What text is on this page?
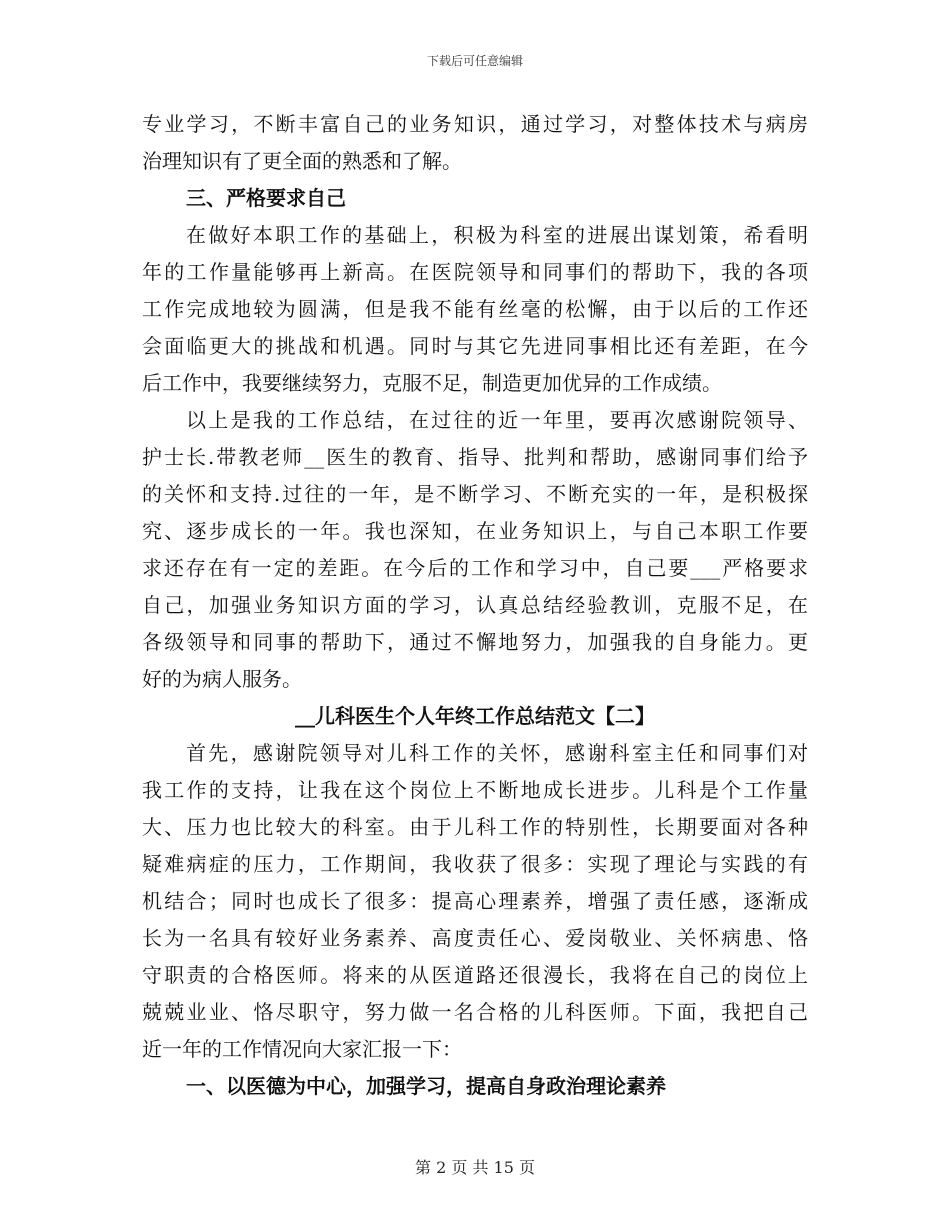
下载后可任意编辑
专业学习，不断丰富自己的业务知识，通过学习，对整体技术与病房
治理知识有了更全面的熟悉和了解。
三、严格要求自己
在做好本职工作的基础上，积极为科室的进展出谋划策，希看明
年的工作量能够再上新高。在医院领导和同事们的帮助下，我的各项
工作完成地较为圆满，但是我不能有丝毫的松懈，由于以后的工作还
会面临更大的挑战和机遇。同时与其它先进同事相比还有差距，在今
后工作中，我要继续努力，克服不足，制造更加优异的工作成绩。
以上是我的工作总结，在过往的近一年里，要再次感谢院领导、
护士长.带教老师__医生的教育、指导、批判和帮助，感谢同事们给予
的关怀和支持.过往的一年，是不断学习、不断充实的一年，是积极探
究、逐步成长的一年。我也深知，在业务知识上，与自己本职工作要
求还存在有一定的差距。在今后的工作和学习中，自己要___严格要求
自己，加强业务知识方面的学习，认真总结经验教训，克服不足，在
各级领导和同事的帮助下，通过不懈地努力，加强我的自身能力。更
好的为病人服务。
__儿科医生个人年终工作总结范文【二】
首先，感谢院领导对儿科工作的关怀，感谢科室主任和同事们对
我工作的支持，让我在这个岗位上不断地成长进步。儿科是个工作量
大、压力也比较大的科室。由于儿科工作的特别性，长期要面对各种
疑难病症的压力，工作期间，我收获了很多：实现了理论与实践的有
机结合；同时也成长了很多：提高心理素养，增强了责任感，逐渐成
长为一名具有较好业务素养、高度责任心、爱岗敬业、关怀病患、恪
守职责的合格医师。将来的从医道路还很漫长，我将在自己的岗位上
兢兢业业、恪尽职守，努力做一名合格的儿科医师。下面，我把自己
近一年的工作情况向大家汇报一下：
一、以医德为中心，加强学习，提高自身政治理论素养
第 2 页 共 15 页
